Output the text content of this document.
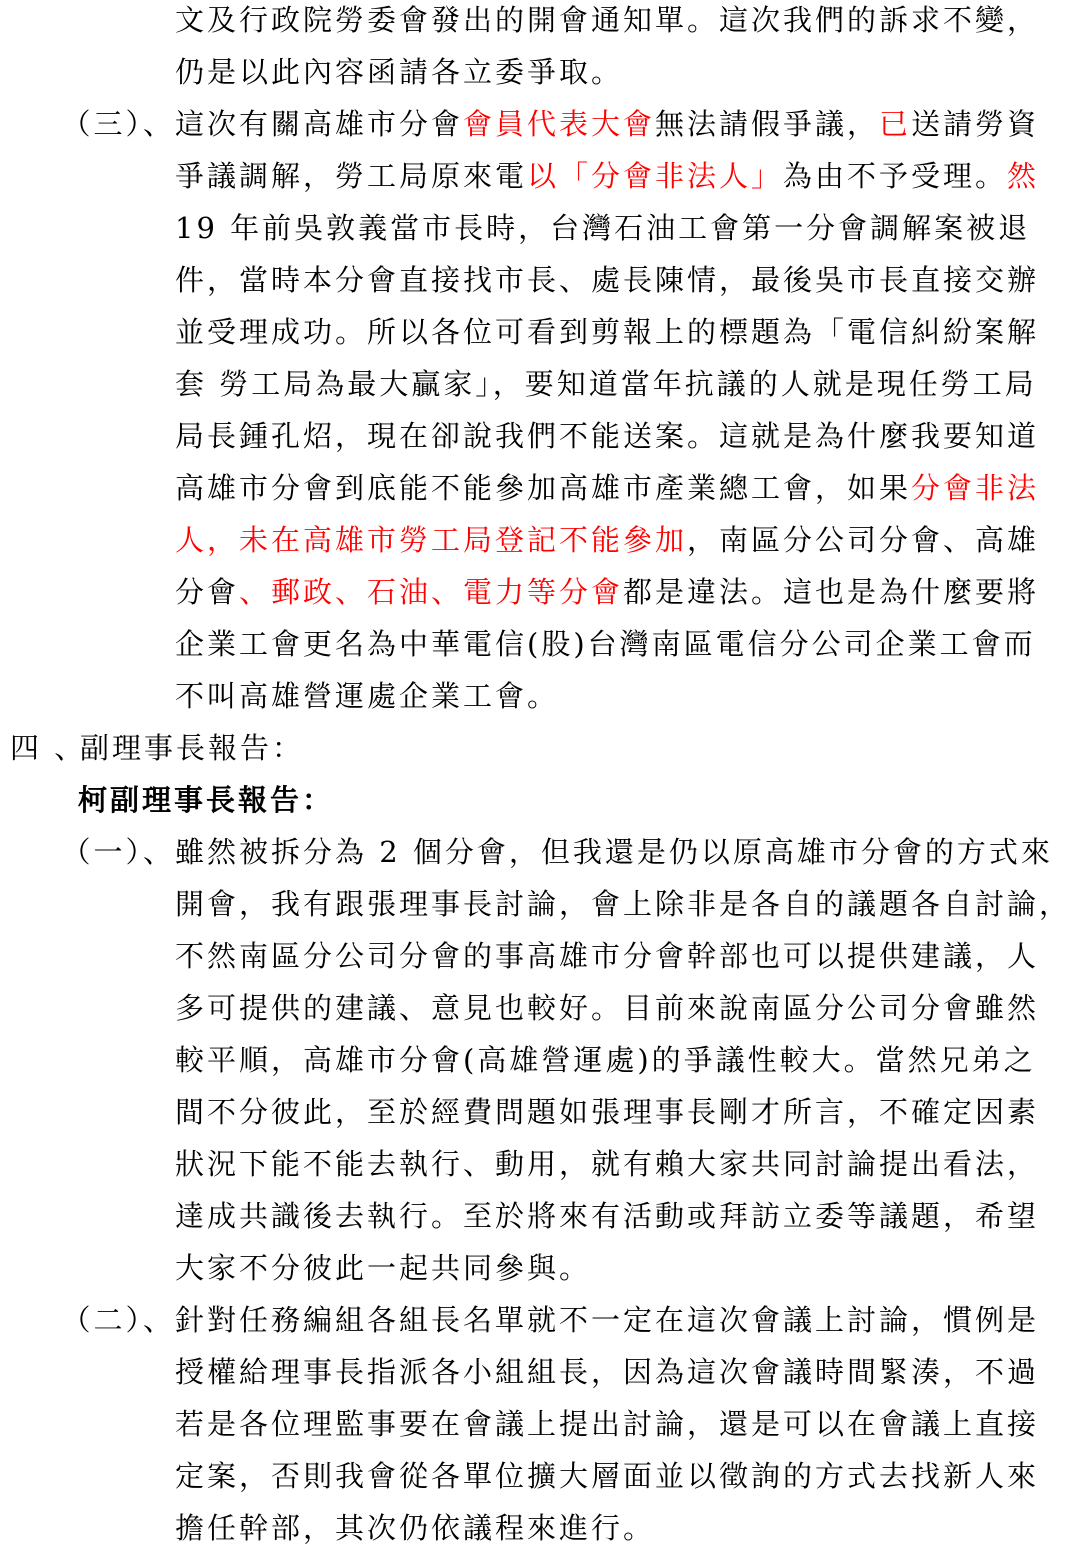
文及行政院勞委會發出的開會通知單。這次我們的訴求不變，
仍是以此內容函請各立委爭取。
（三）、 這次有關高雄市分會會員代表大會無法請假爭議，已送請勞資
爭議調解，勞工局原來電以「分會非法人」為由不予受理。然
19 年前吳敦義當市長時，台灣石油工會第一分會調解案被退
件，當時本分會直接找市長、處長陳情，最後吳市長直接交辦
並受理成功。所以各位可看到剪報上的標題為「電信糾紛案解
套 勞工局為最大贏家」，要知道當年抗議的人就是現任勞工局
局長鍾孔炤，現在卻說我們不能送案。這就是為什麼我要知道
高雄市分會到底能不能參加高雄市產業總工會，如果分會非法
人，未在高雄市勞工局登記不能參加，南區分公司分會、高雄
分會、郵政、石油、電力等分會都是違法。這也是為什麼要將
企業工會更名為中華電信(股)台灣南區電信分公司企業工會而
不叫高雄營運處企業工會。
四 、
副理事長報告：
柯副理事長報告：
（一）、 雖然被拆分為 2 個分會，但我還是仍以原高雄市分會的方式來
開會，我有跟張理事長討論，會上除非是各自的議題各自討論，
不然南區分公司分會的事高雄市分會幹部也可以提供建議，人
多可提供的建議、意見也較好。目前來說南區分公司分會雖然
較平順，高雄市分會(高雄營運處)的爭議性較大。當然兄弟之
間不分彼此，至於經費問題如張理事長剛才所言，不確定因素
狀況下能不能去執行、動用，就有賴大家共同討論提出看法，
達成共識後去執行。至於將來有活動或拜訪立委等議題，希望
大家不分彼此一起共同參與。
（二）、 針對任務編組各組長名單就不一定在這次會議上討論，慣例是
授權給理事長指派各小組組長，因為這次會議時間緊湊，不過
若是各位理監事要在會議上提出討論，還是可以在會議上直接
定案，否則我會從各單位擴大層面並以徵詢的方式去找新人來
擔任幹部，其次仍依議程來進行。
